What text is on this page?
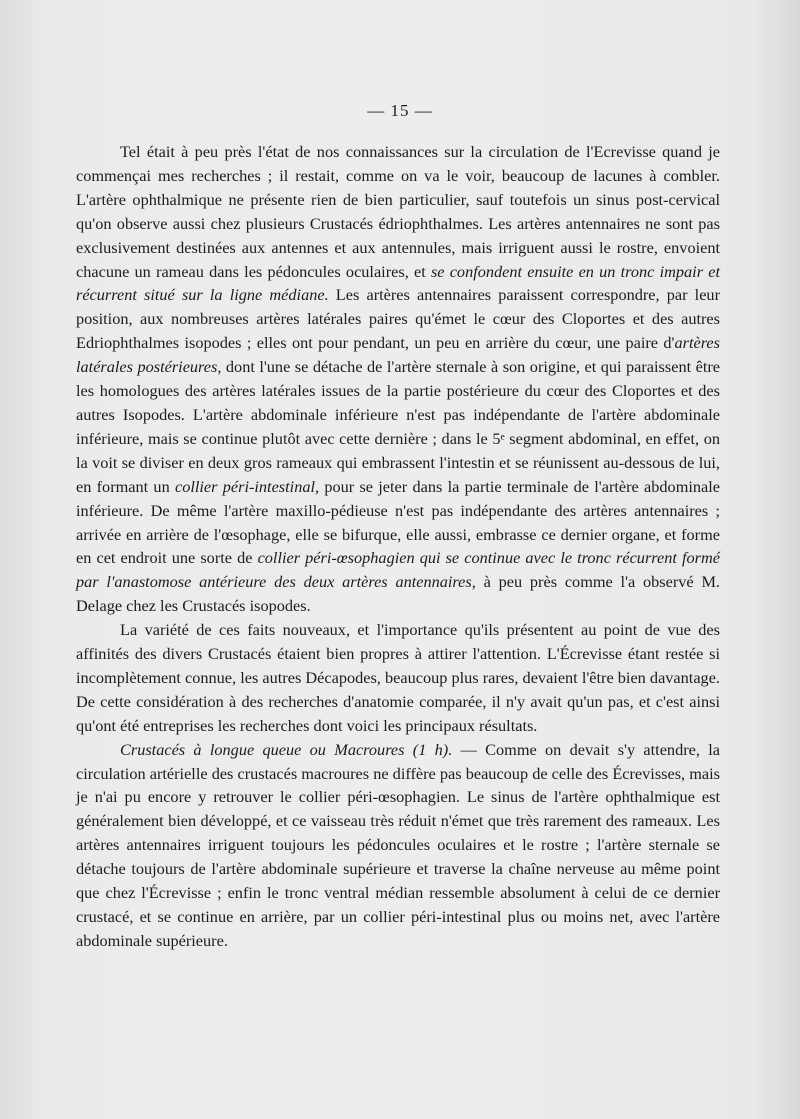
— 15 —

Tel était à peu près l'état de nos connaissances sur la circulation de l'Ecrevisse quand je commençai mes recherches ; il restait, comme on va le voir, beaucoup de lacunes à combler. L'artère ophthalmique ne présente rien de bien particulier, sauf toutefois un sinus post-cervical qu'on observe aussi chez plusieurs Crustacés édriophthalmes. Les artères antennaires ne sont pas exclusivement destinées aux antennes et aux antennules, mais irriguent aussi le rostre, envoient chacune un rameau dans les pédoncules oculaires, et se confondent ensuite en un tronc impair et récurrent situé sur la ligne médiane. Les artères antennaires paraissent correspondre, par leur position, aux nombreuses artères latérales paires qu'émet le cœur des Cloportes et des autres Edriophthalmes isopodes ; elles ont pour pendant, un peu en arrière du cœur, une paire d'artères latérales postérieures, dont l'une se détache de l'artère sternale à son origine, et qui paraissent être les homologues des artères latérales issues de la partie postérieure du cœur des Cloportes et des autres Isopodes. L'artère abdominale inférieure n'est pas indépendante de l'artère abdominale inférieure, mais se continue plutôt avec cette dernière ; dans le 5ᵉ segment abdominal, en effet, on la voit se diviser en deux gros rameaux qui embrassent l'intestin et se réunissent au-dessous de lui, en formant un collier péri-intestinal, pour se jeter dans la partie terminale de l'artère abdominale inférieure. De même l'artère maxillo-pédieuse n'est pas indépendante des artères antennaires ; arrivée en arrière de l'œsophage, elle se bifurque, elle aussi, embrasse ce dernier organe, et forme en cet endroit une sorte de collier péri-œsophagien qui se continue avec le tronc récurrent formé par l'anastomose antérieure des deux artères antennaires, à peu près comme l'a observé M. Delage chez les Crustacés isopodes.

La variété de ces faits nouveaux, et l'importance qu'ils présentent au point de vue des affinités des divers Crustacés étaient bien propres à attirer l'attention. L'Écrevisse étant restée si incomplètement connue, les autres Décapodes, beaucoup plus rares, devaient l'être bien davantage. De cette considération à des recherches d'anatomie comparée, il n'y avait qu'un pas, et c'est ainsi qu'ont été entreprises les recherches dont voici les principaux résultats.

Crustacés à longue queue ou Macroures (1 h). — Comme on devait s'y attendre, la circulation artérielle des crustacés macroures ne diffère pas beaucoup de celle des Écrevisses, mais je n'ai pu encore y retrouver le collier péri-œsophagien. Le sinus de l'artère ophthalmique est généralement bien développé, et ce vaisseau très réduit n'émet que très rarement des rameaux. Les artères antennaires irriguent toujours les pédoncules oculaires et le rostre ; l'artère sternale se détache toujours de l'artère abdominale supérieure et traverse la chaîne nerveuse au même point que chez l'Écrevisse ; enfin le tronc ventral médian ressemble absolument à celui de ce dernier crustacé, et se continue en arrière, par un collier péri-intestinal plus ou moins net, avec l'artère abdominale supérieure.
